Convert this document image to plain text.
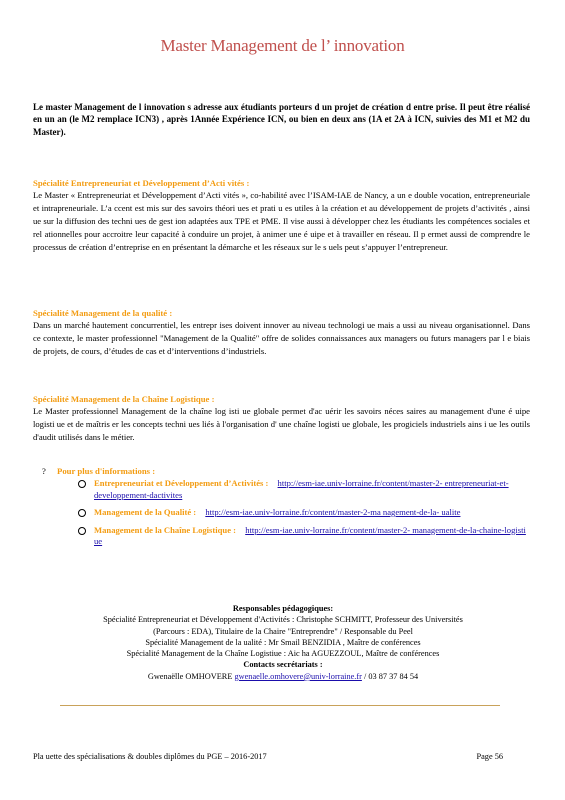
Master Management de l’ innovation
Le master Management de l innovation s adresse aux étudiants porteurs d un projet de création d entre prise. Il peut être réalisé en un an (le M2 remplace ICN3) , après 1Année Expérience ICN, ou bien en deux ans (1A et 2A à ICN, suivies des M1 et M2 du Master).
Spécialité Entrepreneuriat et Développement d’Acti vités :
Le Master « Entrepreneuriat et Développement d’Acti vités », co-habilité avec l’ISAM-IAE de Nancy, a un e double vocation, entrepreneuriale et intrapreneuriale. L’a ccent est mis sur des savoirs théori ues et prati u es utiles à la création et au développement de projets d’activités , ainsi ue sur la diffusion des techni ues de gest ion adaptées aux TPE et PME. Il vise aussi à développer chez les étudiants les compétences sociales et rel ationnelles pour accroitre leur capacité à conduire un projet, à animer une é uipe et à travailler en réseau. Il p ermet aussi de comprendre le processus de création d’entreprise en en présentant la démarche et les réseaux sur le s uels peut s’appuyer l’entrepreneur.
Spécialité Management de la qualité :
Dans un marché hautement concurrentiel, les entrepr ises doivent innover au niveau technologi ue mais a ussi au niveau organisationnel. Dans ce contexte, le master professionnel "Management de la Qualité" offre de solides connaissances aux managers ou futurs managers par l e biais de projets, de cours, d’études de cas et d’interventions d’industriels.
Spécialité Management de la Chaîne Logistique :
Le Master professionnel Management de la chaîne log isti ue globale permet d'ac uérir les savoirs néces saires au management d'une é uipe logisti ue et de maîtris er les concepts techni ues liés à l'organisation d' une chaîne logisti ue globale, les progiciels industriels ains i ue les outils d'audit utilisés dans le métier.
? Pour plus d'informations :
Entrepreneuriat et Développement d’Activités : http://esm-iae.univ-lorraine.fr/content/master-2- entrepreneuriat-et-developpement-dactivites
Management de la Qualité : http://esm-iae.univ-lorraine.fr/content/master-2-ma nagement-de-la- ualite
Management de la Chaîne Logistique : http://esm-iae.univ-lorraine.fr/content/master-2- management-de-la-chaine-logisti ue
Responsables pédagogiques:
Spécialité Entrepreneuriat et Développement d'Activités : Christophe SCHMITT, Professeur des Universités
(Parcours : EDA), Titulaire de la Chaire "Entreprendre" / Responsable du Peel
Spécialité Management de la ualité : Mr Smail BENZIDIA , Maître de conférences
Spécialité Management de la Chaîne Logistiue : Aic ha AGUEZZOUL, Maître de conférences
Contacts secrétariats :
Gwenaëlle OMHOVERE gwenaelle.omhovere@univ-lorraine.fr / 03 87 37 84 54
Pla uette des spécialisations & doubles diplômes du PGE – 2016-2017	Page 56
